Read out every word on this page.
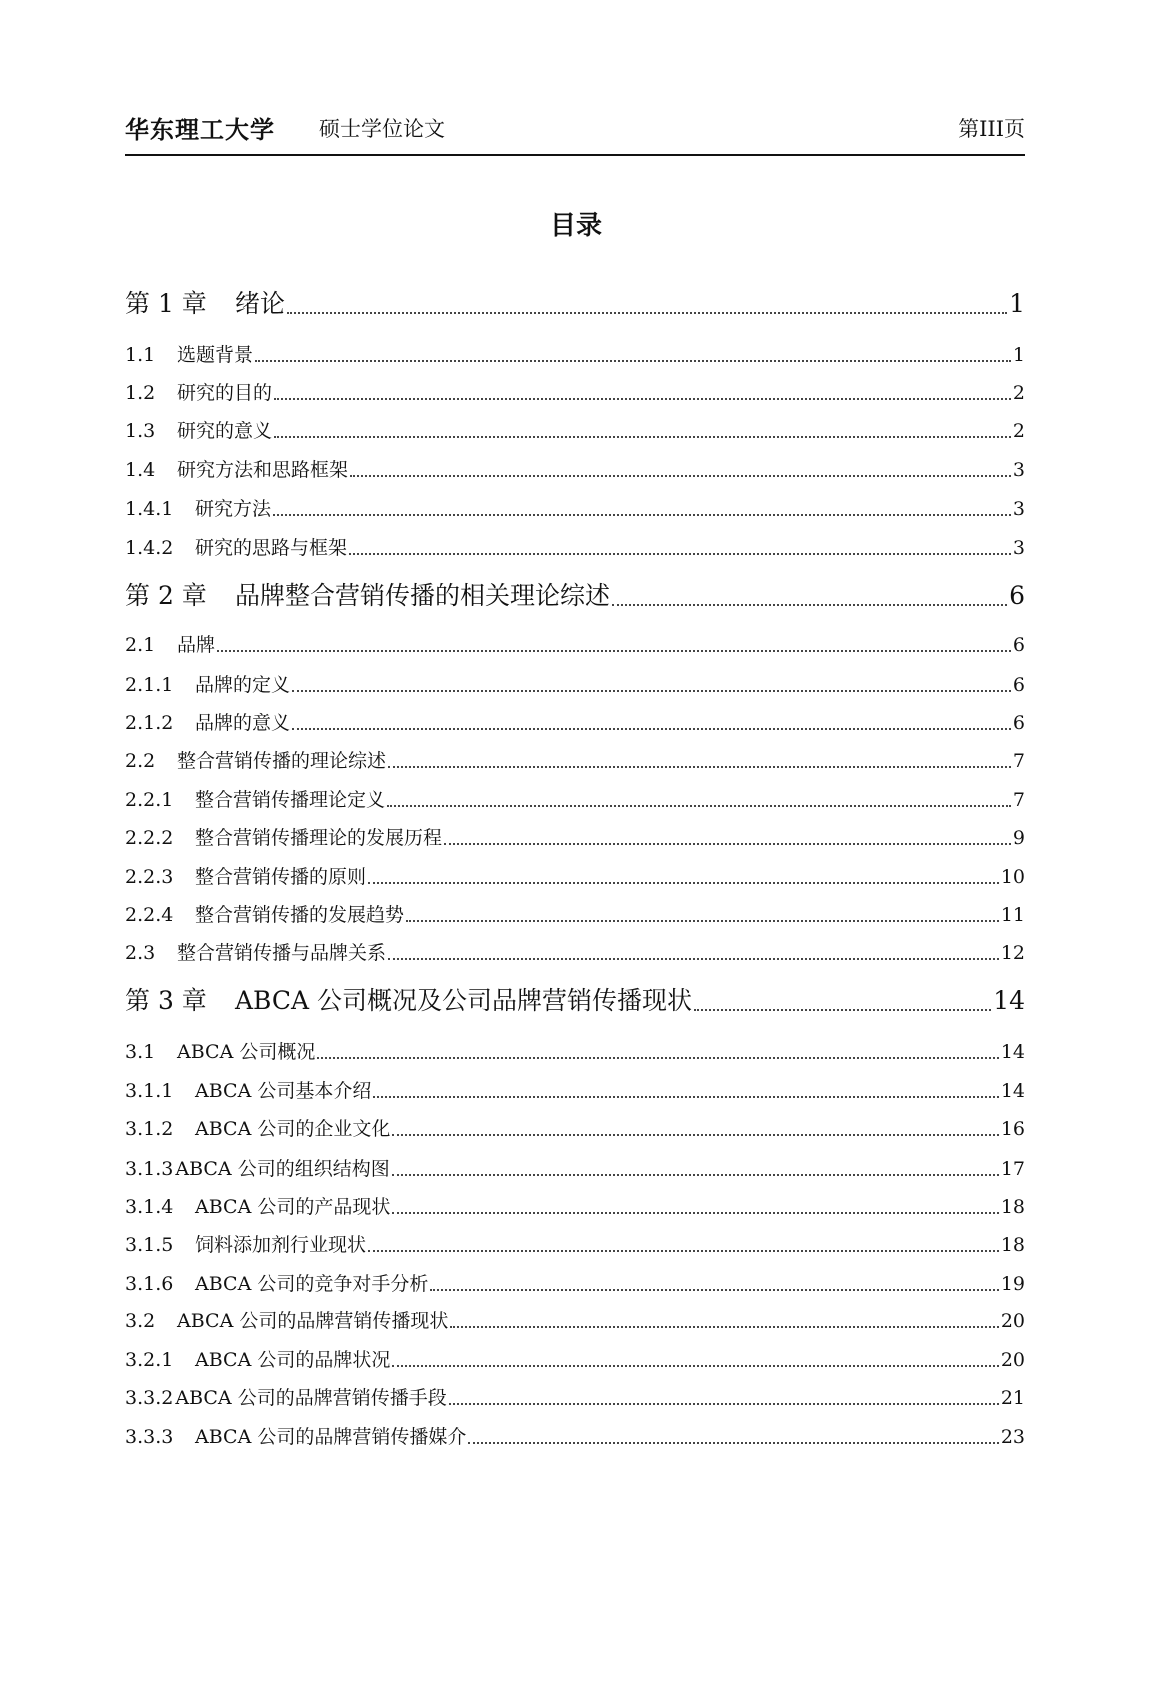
华东理工大学 硕士学位论文	第III页
目录
第 1 章	绪论	1
1.1	选题背景	1
1.2	研究的目的	2
1.3	研究的意义	2
1.4	研究方法和思路框架	3
1.4.1	研究方法	3
1.4.2	研究的思路与框架	3
第 2 章	品牌整合营销传播的相关理论综述	6
2.1	品牌	6
2.1.1	品牌的定义	6
2.1.2	品牌的意义	6
2.2	整合营销传播的理论综述	7
2.2.1	整合营销传播理论定义	7
2.2.2	整合营销传播理论的发展历程	9
2.2.3	整合营销传播的原则	10
2.2.4	整合营销传播的发展趋势	11
2.3	整合营销传播与品牌关系	12
第 3 章	ABCA 公司概况及公司品牌营销传播现状	14
3.1	ABCA 公司概况	14
3.1.1	ABCA 公司基本介绍	14
3.1.2	ABCA 公司的企业文化	16
3.1.3 ABCA 公司的组织结构图	17
3.1.4	ABCA 公司的产品现状	18
3.1.5	饲料添加剂行业现状	18
3.1.6	ABCA 公司的竞争对手分析	19
3.2	ABCA 公司的品牌营销传播现状	20
3.2.1	ABCA 公司的品牌状况	20
3.3.2 ABCA 公司的品牌营销传播手段	21
3.3.3	ABCA 公司的品牌营销传播媒介	23
